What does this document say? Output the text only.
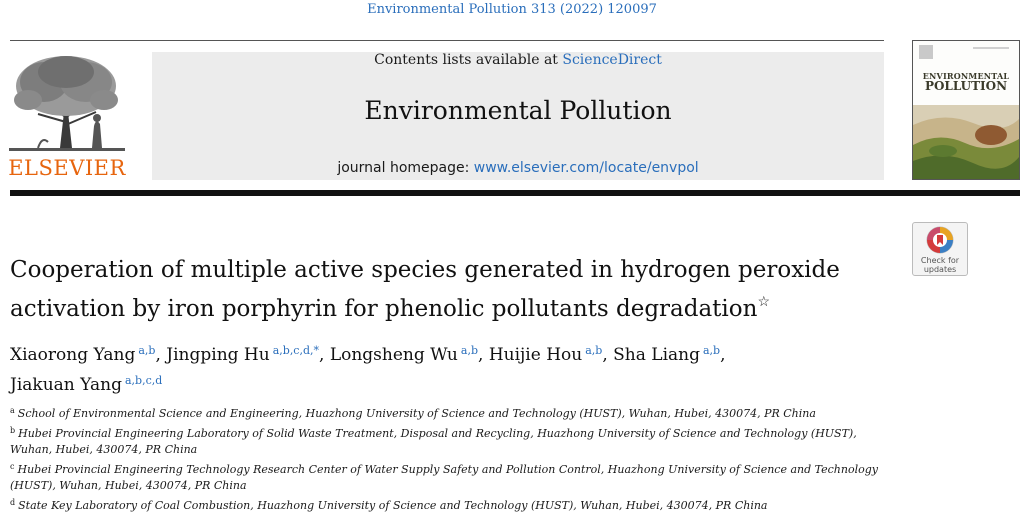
Environmental Pollution 313 (2022) 120097
ELSEVIER
Contents lists available at ScienceDirect
Environmental Pollution
journal homepage: www.elsevier.com/locate/envpol
ENVIRONMENTAL
POLLUTION
Check for updates
Cooperation of multiple active species generated in hydrogen peroxide activation by iron porphyrin for phenolic pollutants degradation☆

Xiaorong Yang $^{a,b}$, Jingping Hu $^{a,b,c,d,*}$, Longsheng Wu $^{a,b}$, Huijie Hou $^{a,b}$, Sha Liang $^{a,b}$,
Jiakuan Yang $^{a,b,c,d}$

$^a$ School of Environmental Science and Engineering, Huazhong University of Science and Technology (HUST), Wuhan, Hubei, 430074, PR China
$^b$ Hubei Provincial Engineering Laboratory of Solid Waste Treatment, Disposal and Recycling, Huazhong University of Science and Technology (HUST), Wuhan, Hubei, 430074, PR China
$^c$ Hubei Provincial Engineering Technology Research Center of Water Supply Safety and Pollution Control, Huazhong University of Science and Technology (HUST), Wuhan, Hubei, 430074, PR China
$^d$ State Key Laboratory of Coal Combustion, Huazhong University of Science and Technology (HUST), Wuhan, Hubei, 430074, PR China
